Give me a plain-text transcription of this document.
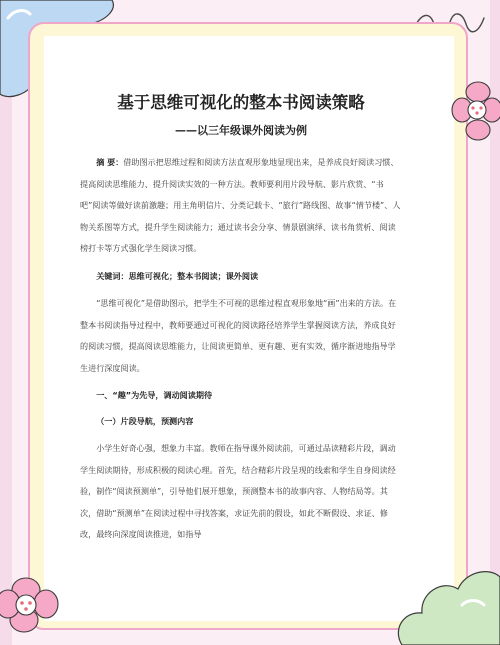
基于思维可视化的整本书阅读策略
——以三年级课外阅读为例

摘 要：借助图示把思维过程和阅读方法直观形象地显现出来，是养成良好阅读习惯、提高阅读思维能力、提升阅读实效的一种方法。教师要利用片段导航、影片欣赏、“书吧”阅读等做好读前激趣；用主角明信片、分类记载卡、“旅行”路线图、故事“情节楼”、人物关系图等方式，提升学生阅读能力；通过读书会分享、情景剧演绎、读书角赏析、阅读榜打卡等方式强化学生阅读习惯。

关键词：思维可视化；整本书阅读；课外阅读

“思维可视化”是借助图示，把学生不可视的思维过程直观形象地“画”出来的方法。在整本书阅读指导过程中，教师要通过可视化的阅读路径培养学生掌握阅读方法，养成良好的阅读习惯，提高阅读思维能力，让阅读更简单、更有趣、更有实效，循序渐进地指导学生进行深度阅读。

一、“趣”为先导，调动阅读期待

（一）片段导航，预测内容

小学生好奇心强，想象力丰富。教师在指导课外阅读前，可通过品读精彩片段，调动学生阅读期待，形成积极的阅读心理。首先，结合精彩片段呈现的线索和学生自身阅读经验，制作“阅读预测单”，引导他们展开想象，预测整本书的故事内容、人物结局等。其次，借助“预测单”在阅读过程中寻找答案，求证先前的假设，如此不断假设、求证、修改，最终向深度阅读推进，如指导
